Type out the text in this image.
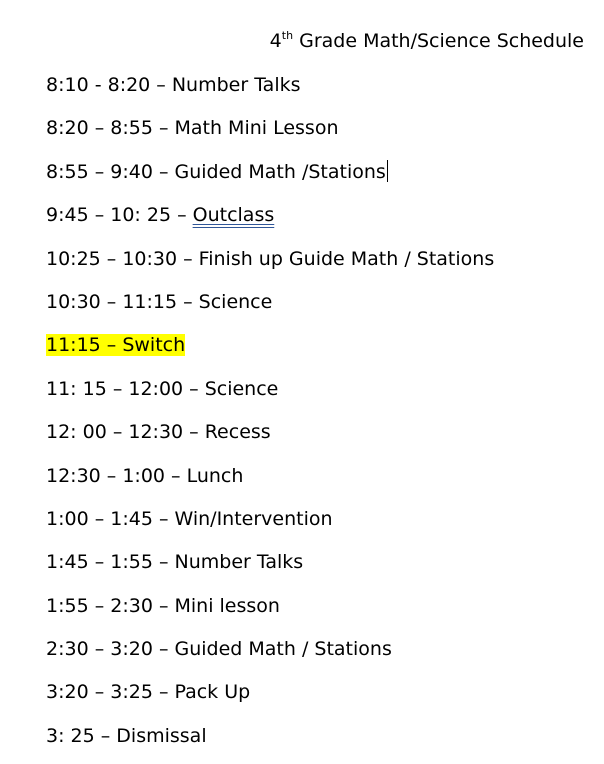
4th Grade Math/Science Schedule
8:10 - 8:20 – Number Talks
8:20 – 8:55 – Math Mini Lesson
8:55 – 9:40 – Guided Math /Stations
9:45 – 10: 25 – Outclass
10:25 – 10:30 – Finish up Guide Math / Stations
10:30 – 11:15 – Science
11:15 – Switch
11: 15 – 12:00 – Science
12: 00 – 12:30 – Recess
12:30 – 1:00 – Lunch
1:00 – 1:45 – Win/Intervention
1:45 – 1:55 – Number Talks
1:55 – 2:30 – Mini lesson
2:30 – 3:20 – Guided Math / Stations
3:20 – 3:25 – Pack Up
3: 25 – Dismissal
